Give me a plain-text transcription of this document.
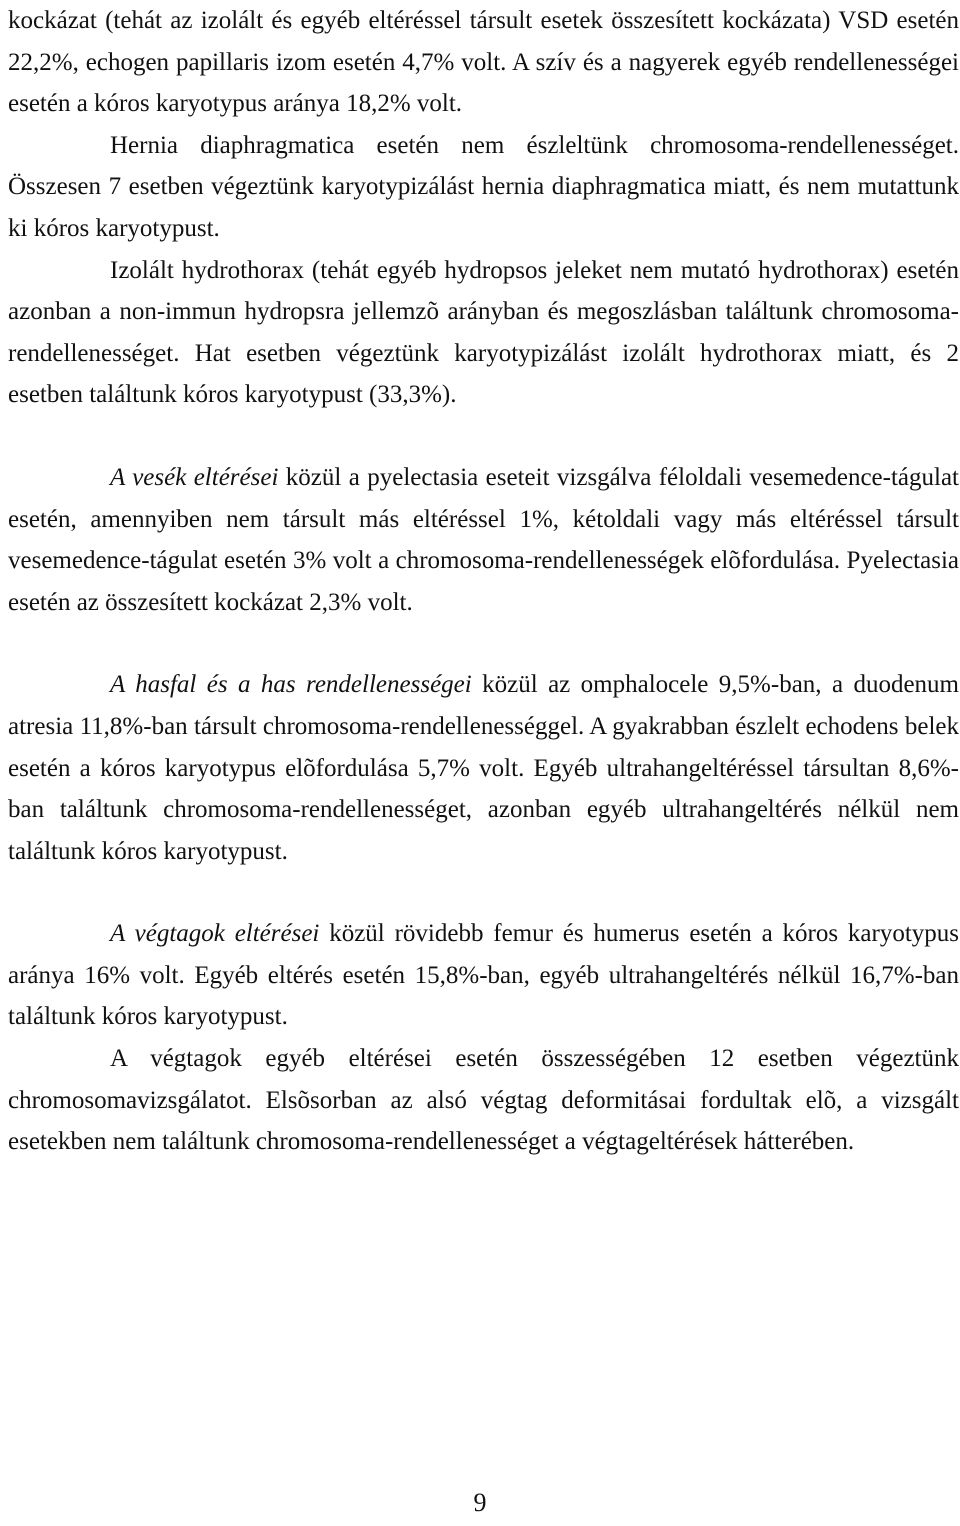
kockázat (tehát az izolált és egyéb eltéréssel társult esetek összesített kockázata) VSD esetén 22,2%, echogen papillaris izom esetén 4,7% volt. A szív és a nagyerek egyéb rendellenességei esetén a kóros karyotypus aránya 18,2% volt.

Hernia diaphragmatica esetén nem észleltünk chromosoma-rendellenességet. Összesen 7 esetben végeztünk karyotypizálást hernia diaphragmatica miatt, és nem mutattunk ki kóros karyotypust.

Izolált hydrothorax (tehát egyéb hydropsos jeleket nem mutató hydrothorax) esetén azonban a non-immun hydropsra jellemzõ arányban és megoszlásban találtunk chromosoma-rendellenességet. Hat esetben végeztünk karyotypizálást izolált hydrothorax miatt, és 2 esetben találtunk kóros karyotypust (33,3%).

A vesék eltérései közül a pyelectasia eseteit vizsgálva féloldali vesemedence-tágulat esetén, amennyiben nem társult más eltéréssel 1%, kétoldali vagy más eltéréssel társult vesemedence-tágulat esetén 3% volt a chromosoma-rendellenességek elõfordulása. Pyelectasia esetén az összesített kockázat 2,3% volt.

A hasfal és a has rendellenességei közül az omphalocele 9,5%-ban, a duodenum atresia 11,8%-ban társult chromosoma-rendellenességgel. A gyakrabban észlelt echodens belek esetén a kóros karyotypus elõfordulása 5,7% volt. Egyéb ultrahangeltéréssel társultan 8,6%-ban találtunk chromosoma-rendellenességet, azonban egyéb ultrahangeltérés nélkül nem találtunk kóros karyotypust.

A végtagok eltérései közül rövidebb femur és humerus esetén a kóros karyotypus aránya 16% volt. Egyéb eltérés esetén 15,8%-ban, egyéb ultrahangeltérés nélkül 16,7%-ban találtunk kóros karyotypust.

A végtagok egyéb eltérései esetén összességében 12 esetben végeztünk chromosomavizsgálatot. Elsõsorban az alsó végtag deformitásai fordultak elõ, a vizsgált esetekben nem találtunk chromosoma-rendellenességet a végtageltérések hátterében.

9
